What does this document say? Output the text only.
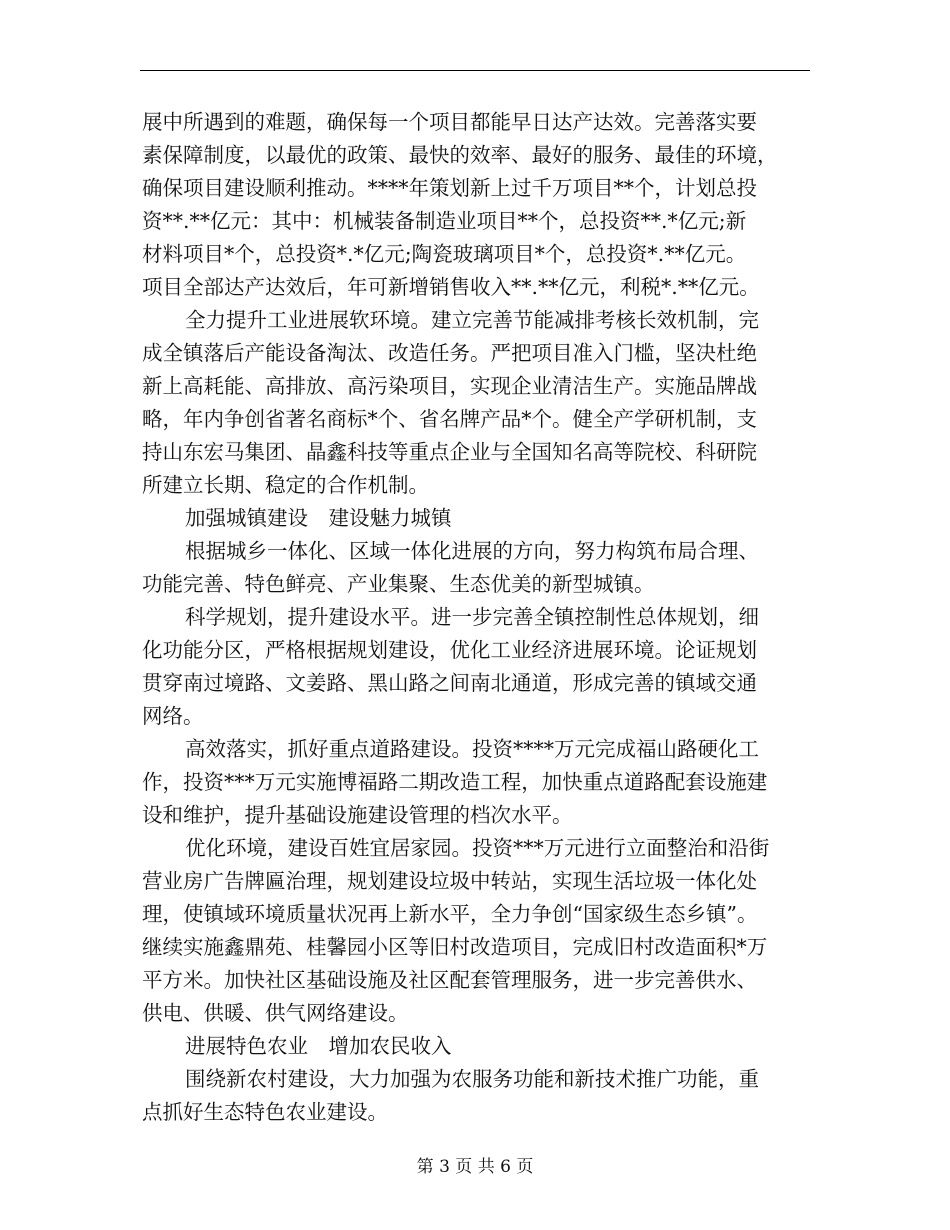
展中所遇到的难题，确保每一个项目都能早日达产达效。完善落实要
素保障制度，以最优的政策、最快的效率、最好的服务、最佳的环境，
确保项目建设顺利推动。****年策划新上过千万项目**个，计划总投
资**.**亿元：其中：机械装备制造业项目**个，总投资**.*亿元;新
材料项目*个，总投资*.*亿元;陶瓷玻璃项目*个，总投资*.**亿元。
项目全部达产达效后，年可新增销售收入**.**亿元，利税*.**亿元。
全力提升工业进展软环境。建立完善节能减排考核长效机制，完
成全镇落后产能设备淘汰、改造任务。严把项目准入门槛，坚决杜绝
新上高耗能、高排放、高污染项目，实现企业清洁生产。实施品牌战
略，年内争创省著名商标*个、省名牌产品*个。健全产学研机制，支
持山东宏马集团、晶鑫科技等重点企业与全国知名高等院校、科研院
所建立长期、稳定的合作机制。
加强城镇建设　建设魅力城镇
根据城乡一体化、区域一体化进展的方向，努力构筑布局合理、
功能完善、特色鲜亮、产业集聚、生态优美的新型城镇。
科学规划，提升建设水平。进一步完善全镇控制性总体规划，细
化功能分区，严格根据规划建设，优化工业经济进展环境。论证规划
贯穿南过境路、文姜路、黑山路之间南北通道，形成完善的镇域交通
网络。
高效落实，抓好重点道路建设。投资****万元完成福山路硬化工
作，投资***万元实施博福路二期改造工程，加快重点道路配套设施建
设和维护，提升基础设施建设管理的档次水平。
优化环境，建设百姓宜居家园。投资***万元进行立面整治和沿街
营业房广告牌匾治理，规划建设垃圾中转站，实现生活垃圾一体化处
理，使镇域环境质量状况再上新水平，全力争创“国家级生态乡镇”。
继续实施鑫鼎苑、桂馨园小区等旧村改造项目，完成旧村改造面积*万
平方米。加快社区基础设施及社区配套管理服务，进一步完善供水、
供电、供暖、供气网络建设。
进展特色农业　增加农民收入
围绕新农村建设，大力加强为农服务功能和新技术推广功能，重
点抓好生态特色农业建设。
第 3 页 共 6 页
